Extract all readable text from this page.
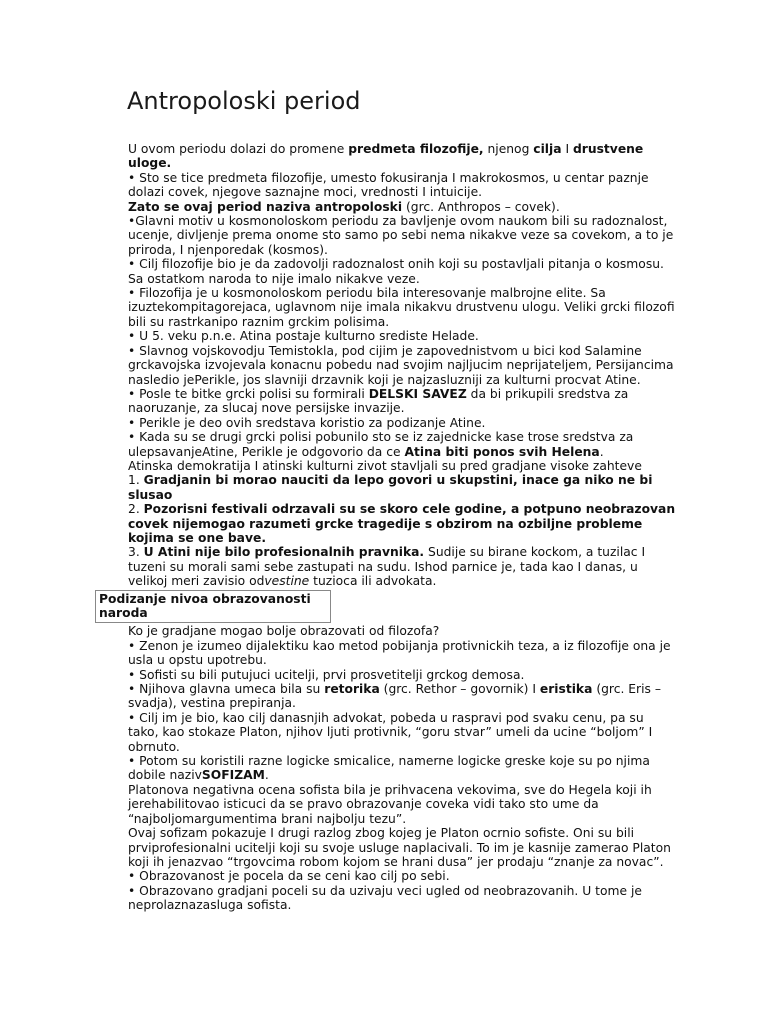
Antropoloski period

U ovom periodu dolazi do promene predmeta filozofije, njenog cilja I drustvene uloge.

• Sto se tice predmeta filozofije, umesto fokusiranja I makrokosmos, u centar paznje dolazi covek, njegove saznajne moci, vrednosti I intuicije.

Zato se ovaj period naziva antropoloski (grc. Anthropos – covek).

•Glavni motiv u kosmonoloskom periodu za bavljenje ovom naukom bili su radoznalost, ucenje, divljenje prema onome sto samo po sebi nema nikakve veze sa covekom, a to je priroda, I njenporedak (kosmos).

• Cilj filozofije bio je da zadovolji radoznalost onih koji su postavljali pitanja o kosmosu. Sa ostatkom naroda to nije imalo nikakve veze.

• Filozofija je u kosmonoloskom periodu bila interesovanje malbrojne elite. Sa izuztekompitagorejaca, uglavnom nije imala nikakvu drustvenu ulogu. Veliki grcki filozofi bili su rastrkanipo raznim grckim polisima.

• U 5. veku p.n.e. Atina postaje kulturno srediste Helade.

• Slavnog vojskovodju Temistokla, pod cijim je zapovednistvom u bici kod Salamine grckavojska izvojevala konacnu pobedu nad svojim najljucim neprijateljem, Persijancima nasledio jePerikle, jos slavniji drzavnik koji je najzasluzniji za kulturni procvat Atine.

• Posle te bitke grcki polisi su formirali DELSKI SAVEZ da bi prikupili sredstva za naoruzanje, za slucaj nove persijske invazije.

• Perikle je deo ovih sredstava koristio za podizanje Atine.

• Kada su se drugi grcki polisi pobunilo sto se iz zajednicke kase trose sredstva za ulepsavanjeAtine, Perikle je odgovorio da ce Atina biti ponos svih Helena.

Atinska demokratija I atinski kulturni zivot stavljali su pred gradjane visoke zahteve

1. Gradjanin bi morao nauciti da lepo govori u skupstini, inace ga niko ne bi slusao

2. Pozorisni festivali odrzavali su se skoro cele godine, a potpuno neobrazovan covek nijemogao razumeti grcke tragedije s obzirom na ozbiljne probleme kojima se one bave.

3. U Atini nije bilo profesionalnih pravnika. Sudije su birane kockom, a tuzilac I tuzeni su morali sami sebe zastupati na sudu. Ishod parnice je, tada kao I danas, u velikoj meri zavisio odvestine tuzioca ili advokata.

Podizanje nivoa obrazovanosti naroda

Ko je gradjane mogao bolje obrazovati od filozofa?

• Zenon je izumeo dijalektiku kao metod pobijanja protivnickih teza, a iz filozofije ona je usla u opstu upotrebu.

• Sofisti su bili putujuci ucitelji, prvi prosvetitelji grckog demosa.

• Njihova glavna umeca bila su retorika (grc. Rethor – govornik) I eristika (grc. Eris – svadja), vestina prepiranja.

• Cilj im je bio, kao cilj danasnjih advokat, pobeda u raspravi pod svaku cenu, pa su tako, kao stokaze Platon, njihov ljuti protivnik, “goru stvar” umeli da ucine “boljom” I obrnuto.

• Potom su koristili razne logicke smicalice, namerne logicke greske koje su po njima dobile nazivSOFIZAM.

Platonova negativna ocena sofista bila je prihvacena vekovima, sve do Hegela koji ih jerehabilitovao isticuci da se pravo obrazovanje coveka vidi tako sto ume da “najboljomargumentima brani najbolju tezu”.

Ovaj sofizam pokazuje I drugi razlog zbog kojeg je Platon ocrnio sofiste. Oni su bili prviprofesionalni ucitelji koji su svoje usluge naplacivali. To im je kasnije zamerao Platon koji ih jenazvao “trgovcima robom kojom se hrani dusa” jer prodaju “znanje za novac”.

• Obrazovanost je pocela da se ceni kao cilj po sebi.

• Obrazovano gradjani poceli su da uzivaju veci ugled od neobrazovanih. U tome je neprolaznazasluga sofista.
